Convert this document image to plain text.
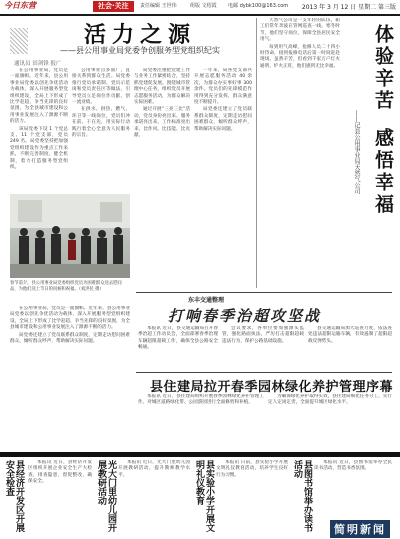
今日东营	社会·关注	责任编辑 王世伟	组版 文绍霞 电邮 dybk100@163.com 2013 年 3 月 12 日 星期二 第三版
活力之源
——县公用事业局党委争创服务型党组织纪实
通讯员 田剑锋 报广

在公用事业局，党员是一面旗帜。近年来，县公用事业局党委以创先争优活动为载体，深入开展服务型党组织建设，全局上下形成了比学赶超、争当先锋的良好氛围，为全县城市建设和公用事业发展注入了源源不断的活力。

该局党委下设 1 个党总支、11 个党支部，党员 249 名。局党委坚持把加强党组织建设作为重点工作来抓，不断完善制度、健全机制，着力打造服务型党组织。

公用事业点多面广，直接关系到群众生活。局党委推行党员承诺制、党员示范岗和党员责任区等做法，引导党员立足岗位作贡献、创一流业绩。

在供水、供热、燃气、环卫等一线岗位，党员们冲在前、干在先，用实际行动践行着全心全意为人民服务的宗旨。

局党委注重把党建工作与业务工作紧密结合，坚持抓党建促发展。围绕城市管理中心任务，组织党员开展志愿服务活动，为群众解决实际困难。

通过开展“三亮三比”活动，党员身份亮出来、服务承诺亮出来、工作标准亮出来，比作风、比技能、比贡献。

一年来，局各党支部共开展志愿服务活动 40 余次，为群众办实事好事 300 余件。党员们的先锋模范作用得到充分发挥，群众满意度不断提升。

局党委还建立了党员联系群众制度，定期走访慰问困难群众，倾听群众呼声，帮助解决实际问题。

天然气公司是一支年轻的队伍，职工们常年奔波在管网巡查一线。寒冬时节，他们坚守岗位，保障全县居民安全用气。

每到用气高峰，抢修人员二十四小时待命，接到报修电话后第一时间赶赴现场。虽然辛苦，但看到千家万户灯火通明、炉火正旺，他们感到无比幸福。 体验辛苦
感悟幸福
——记县公用事业局天然气公司
春节前夕，县公用事业局党委组织党员为困难群众送去慰问品，为他们送上节日的问候和祝福。（刘洪民 摄）
东丰交通整理
打响春季治超攻坚战

本报讯 近日，县交通运输局召开春季治超工作动员会，全面部署春季治理车辆超限超载工作，确保全县公路安全畅通。

会议要求，各单位要加强源头监管，强化路面执法，严厉打击超限超载违法行为，保护公路基础设施。

县交通运输局加大巡查力度，依法查处违法超限运输车辆，有效遏制了超限超载反弹势头。

县住建局拉开春季园林绿化养护管理序幕

本报讯 近日，县住建局组织开展春季园林绿化养护管理工作，对城区道路绿化带、公园游园进行全面修剪和补植。

为确保绿化养护取得实效，县住建局细化任务分工，实行定人定岗定责，全面提升城区绿化水平。

在公用事业局，党员是一面旗帜。近年来，县公用事业局党委以创先争优活动为载体，深入开展服务型党组织建设，全局上下形成了比学赶超、争当先锋的良好氛围，为全县城市建设和公用事业发展注入了源源不断的活力。

局党委还建立了党员联系群众制度，定期走访慰问困难群众，倾听群众呼声，帮助解决实际问题。

县经济开发区开展安全检查	本报讯 近日，县经济开发区组织开展企业安全生产大检查，排查隐患，督促整改，确保安全。	光大门里幼儿园开展教研活动	本报讯 近日，光大门里幼儿园开展教研活动，提升教师教学水平。	县实验小学开展文明礼仪教育	本报讯 日前，县实验小学开展文明礼仪教育活动，培养学生良好行为习惯。	县图书馆举办读书活动	本报讯 近日，县图书馆举办全民读书活动，营造书香氛围。

简明新闻
